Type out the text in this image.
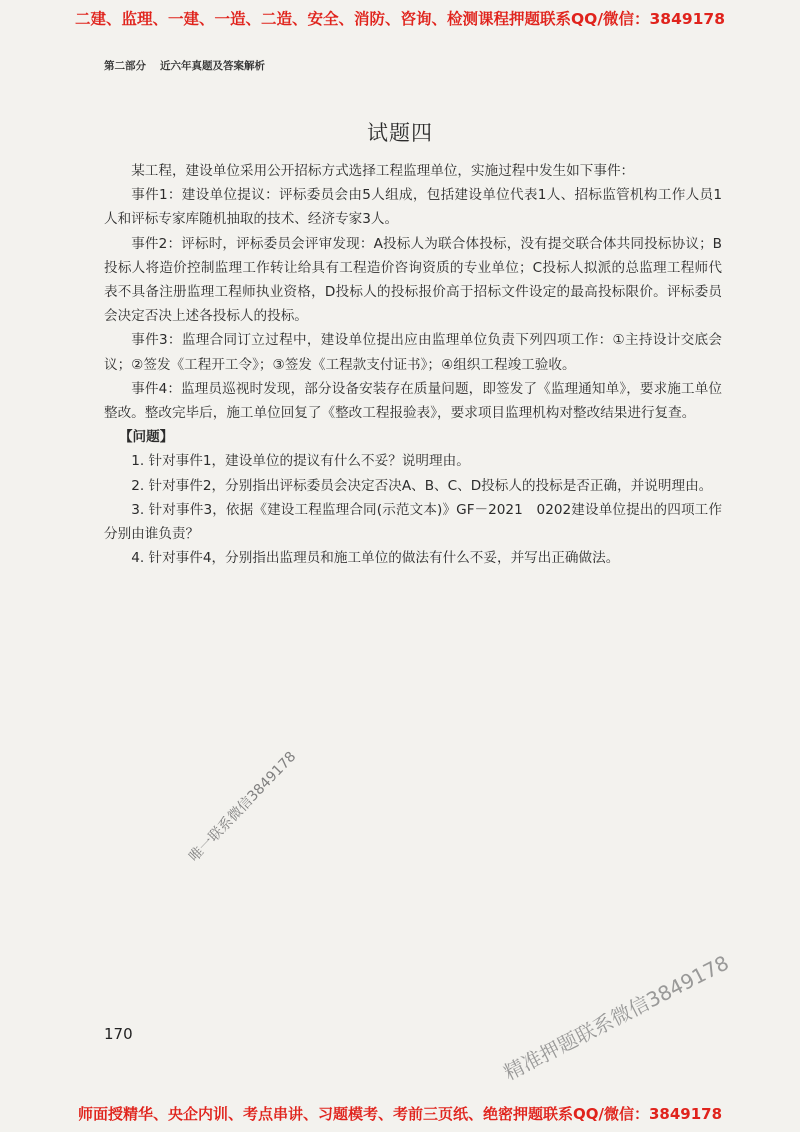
二建、监理、一建、一造、二造、安全、消防、咨询、检测课程押题联系QQ/微信：3849178
第二部分 近六年真题及答案解析
试题四

某工程，建设单位采用公开招标方式选择工程监理单位，实施过程中发生如下事件：

事件1：建设单位提议：评标委员会由5人组成，包括建设单位代表1人、招标监管机构工作人员1人和评标专家库随机抽取的技术、经济专家3人。

事件2：评标时，评标委员会评审发现：A投标人为联合体投标，没有提交联合体共同投标协议；B投标人将造价控制监理工作转让给具有工程造价咨询资质的专业单位；C投标人拟派的总监理工程师代表不具备注册监理工程师执业资格，D投标人的投标报价高于招标文件设定的最高投标限价。评标委员会决定否决上述各投标人的投标。

事件3：监理合同订立过程中，建设单位提出应由监理单位负责下列四项工作：①主持设计交底会议；②签发《工程开工令》；③签发《工程款支付证书》；④组织工程竣工验收。

事件4：监理员巡视时发现，部分设备安装存在质量问题，即签发了《监理通知单》，要求施工单位整改。整改完毕后，施工单位回复了《整改工程报验表》，要求项目监理机构对整改结果进行复查。

【问题】

1. 针对事件1，建设单位的提议有什么不妥？说明理由。

2. 针对事件2，分别指出评标委员会决定否决A、B、C、D投标人的投标是否正确，并说明理由。

3. 针对事件3，依据《建设工程监理合同(示范文本)》GF－2021　0202建设单位提出的四项工作分别由谁负责？

4. 针对事件4，分别指出监理员和施工单位的做法有什么不妥，并写出正确做法。

唯一联系微信3849178
精准押题联系微信3849178
170
师面授精华、央企内训、考点串讲、习题模考、考前三页纸、绝密押题联系QQ/微信：3849178
